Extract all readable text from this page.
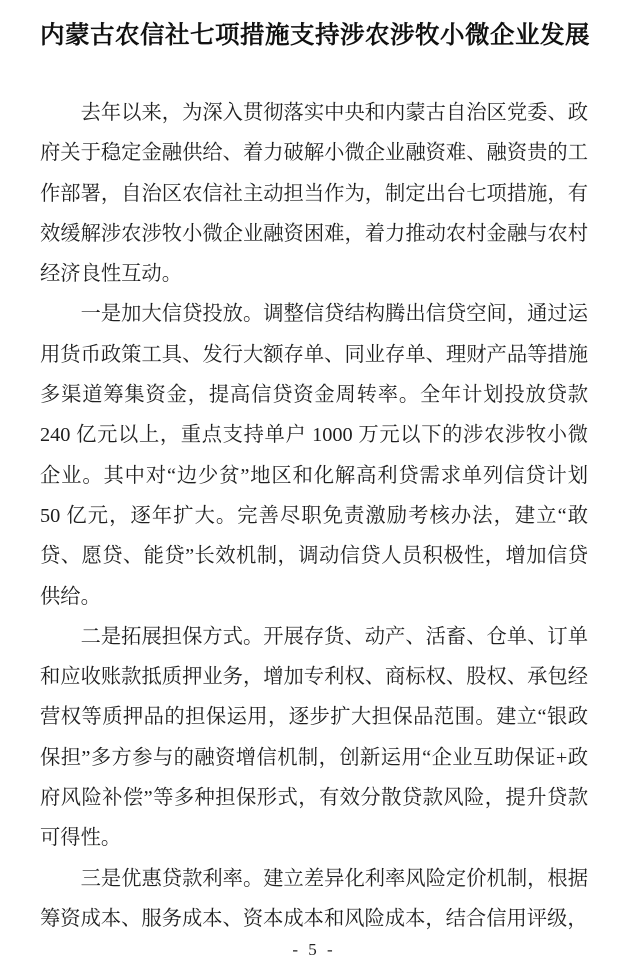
内蒙古农信社七项措施支持涉农涉牧小微企业发展

去年以来，为深入贯彻落实中央和内蒙古自治区党委、政府关于稳定金融供给、着力破解小微企业融资难、融资贵的工作部署，自治区农信社主动担当作为，制定出台七项措施，有效缓解涉农涉牧小微企业融资困难，着力推动农村金融与农村经济良性互动。

一是加大信贷投放。调整信贷结构腾出信贷空间，通过运用货币政策工具、发行大额存单、同业存单、理财产品等措施多渠道筹集资金，提高信贷资金周转率。全年计划投放贷款 240 亿元以上，重点支持单户 1000 万元以下的涉农涉牧小微企业。其中对“边少贫”地区和化解高利贷需求单列信贷计划 50 亿元，逐年扩大。完善尽职免责激励考核办法，建立“敢贷、愿贷、能贷”长效机制，调动信贷人员积极性，增加信贷供给。

二是拓展担保方式。开展存货、动产、活畜、仓单、订单和应收账款抵质押业务，增加专利权、商标权、股权、承包经营权等质押品的担保运用，逐步扩大担保品范围。建立“银政保担”多方参与的融资增信机制，创新运用“企业互助保证+政府风险补偿”等多种担保形式，有效分散贷款风险，提升贷款可得性。

三是优惠贷款利率。建立差异化利率风险定价机制，根据筹资成本、服务成本、资本成本和风险成本，结合信用评级，

- 5 -
